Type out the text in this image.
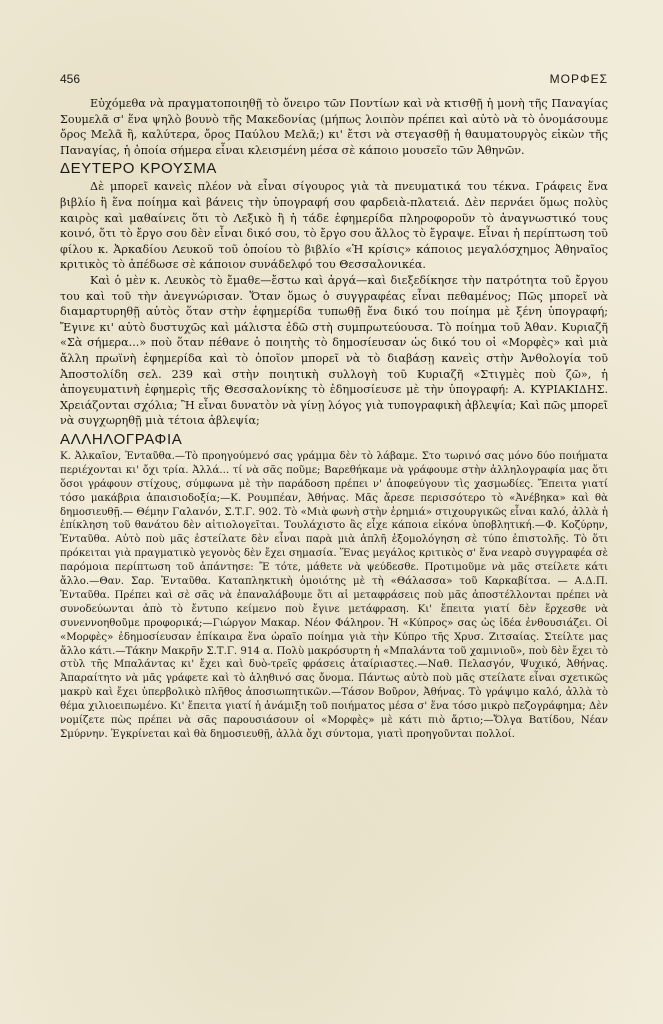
456	ΜΟΡΦΕΣ

Εὐχόμεθα νὰ πραγματοποιηθῇ τὸ ὄνειρο τῶν Ποντίων καὶ νὰ κτισθῇ ἡ μονὴ τῆς Παναγίας Σουμελᾶ σ' ἕνα ψηλὸ βουνὸ τῆς Μακεδονίας (μήπως λοιπὸν πρέπει καὶ αὐτὸ νὰ τὸ ὀνομάσουμε ὄρος Μελᾶ ἢ, καλύτερα, ὄρος Παύλου Μελᾶ;) κι' ἔτσι νὰ στεγασθῇ ἡ θαυματουργὸς εἰκὼν τῆς Παναγίας, ἡ ὁποία σήμερα εἶναι κλεισμένη μέσα σὲ κάποιο μουσεῖο τῶν Ἀθηνῶν.

ΔΕΥΤΕΡΟ ΚΡΟΥΣΜΑ

Δὲ μπορεῖ κανεὶς πλέον νὰ εἶναι σίγουρος γιὰ τὰ πνευματικά του τέκνα. Γράφεις ἕνα βιβλίο ἢ ἕνα ποίημα καὶ βάνεις τὴν ὑπογραφή σου φαρδειὰ-πλατειά. Δὲν περνάει ὅμως πολὺς καιρὸς καὶ μαθαίνεις ὅτι τὸ Λεξικὸ ἢ ἡ τάδε ἐφημερίδα πληροφοροῦν τὸ ἀναγνωστικό τους κοινό, ὅτι τὸ ἔργο σου δὲν εἶναι δικό σου, τὸ ἔργο σου ἄλλος τὸ ἔγραψε. Εἶναι ἡ περίπτωση τοῦ φίλου κ. Ἀρκαδίου Λευκοῦ τοῦ ὁποίου τὸ βιβλίο «Ἡ κρίσις» κάποιος μεγαλόσχημος Ἀθηναῖος κριτικὸς τὸ ἀπέδωσε σὲ κάποιον συνάδελφό του Θεσσαλονικέα.

Καὶ ὁ μὲν κ. Λευκὸς τὸ ἔμαθε—ἔστω καὶ ἀργά—καὶ διεξεδίκησε τὴν πατρότητα τοῦ ἔργου του καὶ τοῦ τὴν ἀνεγνώρισαν. Ὅταν ὅμως ὁ συγγραφέας εἶναι πεθαμένος; Πῶς μπορεῖ νὰ διαμαρτυρηθῇ αὐτὸς ὅταν στὴν ἐφημερίδα τυπωθῇ ἕνα δικό του ποίημα μὲ ξένη ὑπογραφή; Ἔγινε κι' αὐτὸ δυστυχῶς καὶ μάλιστα ἐδῶ στὴ συμπρωτεύουσα. Τὸ ποίημα τοῦ Ἀθαν. Κυριαζῆ «Σὰ σήμερα...» ποὺ ὅταν πέθανε ὁ ποιητὴς τὸ δημοσίευσαν ὡς δικό του οἱ «Μορφὲς» καὶ μιὰ ἄλλη πρωϊνὴ ἐφημερίδα καὶ τὸ ὁποῖον μπορεῖ νὰ τὸ διαβάσῃ κανεὶς στὴν Ἀνθολογία τοῦ Ἀποστολίδη σελ. 239 καὶ στὴν ποιητικὴ συλλογὴ τοῦ Κυριαζῆ «Στιγμὲς ποὺ ζῶ», ἡ ἀπογευματινὴ ἐφημερὶς τῆς Θεσσαλονίκης τὸ ἐδημοσίευσε μὲ τὴν ὑπογραφή: Α. ΚΥΡΙΑΚΙΔΗΣ. Χρειάζονται σχόλια; Ἢ εἶναι δυνατὸν νὰ γίνῃ λόγος γιὰ τυπογραφικὴ ἀβλεψία; Καὶ πῶς μπορεῖ νὰ συγχωρηθῇ μιὰ τέτοια ἀβλεψία;

ΑΛΛΗΛΟΓΡΑΦΙΑ

Κ. Ἀλκαῖον, Ἐνταῦθα.—Τὸ προηγούμενό σας γράμμα δὲν τὸ λάβαμε. Στο τωρινό σας μόνο δύο ποιήματα περιέχονται κι' ὄχι τρία. Ἀλλά... τί νὰ σᾶς ποῦμε; Βαρεθήκαμε νὰ γράφουμε στὴν ἀλληλογραφία μας ὅτι ὅσοι γράφουν στίχους, σύμφωνα μὲ τὴν παράδοση πρέπει ν' ἀποφεύγουν τὶς χασμωδίες. Ἔπειτα γιατί τόσο μακάβρια ἀπαισιοδοξία;—Κ. Ρουμπέαν, Ἀθήνας. Μᾶς ἄρεσε περισσότερο τὸ «Ἀνέβηκα» καὶ θὰ δημοσιευθῇ.— Θέμην Γαλανόν, Σ.Τ.Γ. 902. Τὸ «Μιὰ φωνὴ στὴν ἐρημιά» στιχουργικῶς εἶναι καλό, ἀλλὰ ἡ ἐπίκληση τοῦ θανάτου δὲν αἰτιολογεῖται. Τουλάχιστο ἂς εἶχε κάποια εἰκόνα ὑποβλητική.—Φ. Κοζύρην, Ἐνταῦθα. Αὐτὸ ποὺ μᾶς ἐστείλατε δὲν εἶναι παρὰ μιὰ ἁπλῆ ἐξομολόγηση σὲ τύπο ἐπιστολῆς. Τὸ ὅτι πρόκειται γιὰ πραγματικὸ γεγονὸς δὲν ἔχει σημασία. Ἕνας μεγάλος κριτικὸς σ' ἕνα νεαρὸ συγγραφέα σὲ παρόμοια περίπτωση τοῦ ἀπάντησε: Ἔ τότε, μάθετε νὰ ψεύδεσθε. Προτιμοῦμε νὰ μᾶς στείλετε κάτι ἄλλο.—Θαν. Σαρ. Ἐνταῦθα. Καταπληκτικὴ ὁμοιότης μὲ τὴ «Θάλασσα» τοῦ Καρκαβίτσα. — Α.Δ.Π. Ἐνταῦθα. Πρέπει καὶ σὲ σᾶς νὰ ἐπαναλάβουμε ὅτι αἱ μεταφράσεις ποὺ μᾶς ἀποστέλλονται πρέπει νὰ συνοδεύωνται ἀπὸ τὸ ἔντυπο κείμενο ποὺ ἔγινε μετάφραση. Κι' ἔπειτα γιατί δὲν ἔρχεσθε νὰ συνεννοηθοῦμε προφορικά;—Γιώργον Μακαρ. Νέον Φάληρον. Ἡ «Κύπρος» σας ὡς ἰδέα ἐνθουσιάζει. Οἱ «Μορφὲς» ἐδημοσίευσαν ἐπίκαιρα ἕνα ὡραῖο ποίημα γιὰ τὴν Κύπρο τῆς Χρυσ. Ζιτσαίας. Στείλτε μας ἄλλο κάτι.—Τάκην Μακρῆν Σ.Τ.Γ. 914 α. Πολὺ μακρόσυρτη ἡ «Μπαλάντα τοῦ χαμινιοῦ», ποὺ δὲν ἔχει τὸ στὺλ τῆς Μπαλάντας κι' ἔχει καὶ δυὸ-τρεῖς φράσεις ἀταίριαστες.—Ναθ. Πελασγόν, Ψυχικό, Ἀθήνας. Ἀπαραίτητο νὰ μᾶς γράφετε καὶ τὸ ἀληθινό σας ὄνομα. Πάντως αὐτὸ ποὺ μᾶς στείλατε εἶναι σχετικῶς μακρὺ καὶ ἔχει ὑπερβολικὸ πλῆθος ἀποσιωπητικῶν.—Τάσον Βοῦρον, Ἀθήνας. Τὸ γράψιμο καλό, ἀλλὰ τὸ θέμα χιλιοειπωμένο. Κι' ἔπειτα γιατί ἡ ἀνάμιξη τοῦ ποιήματος μέσα σ' ἕνα τόσο μικρὸ πεζογράφημα; Δὲν νομίζετε πὼς πρέπει νὰ σᾶς παρουσιάσουν οἱ «Μορφὲς» μὲ κάτι πιὸ ἄρτιο;—Ὄλγα Βατίδου, Νέαν Σμύρνην. Ἐγκρίνεται καὶ θὰ δημοσιευθῇ, ἀλλὰ ὄχι σύντομα, γιατὶ προηγοῦνται πολλοί.
